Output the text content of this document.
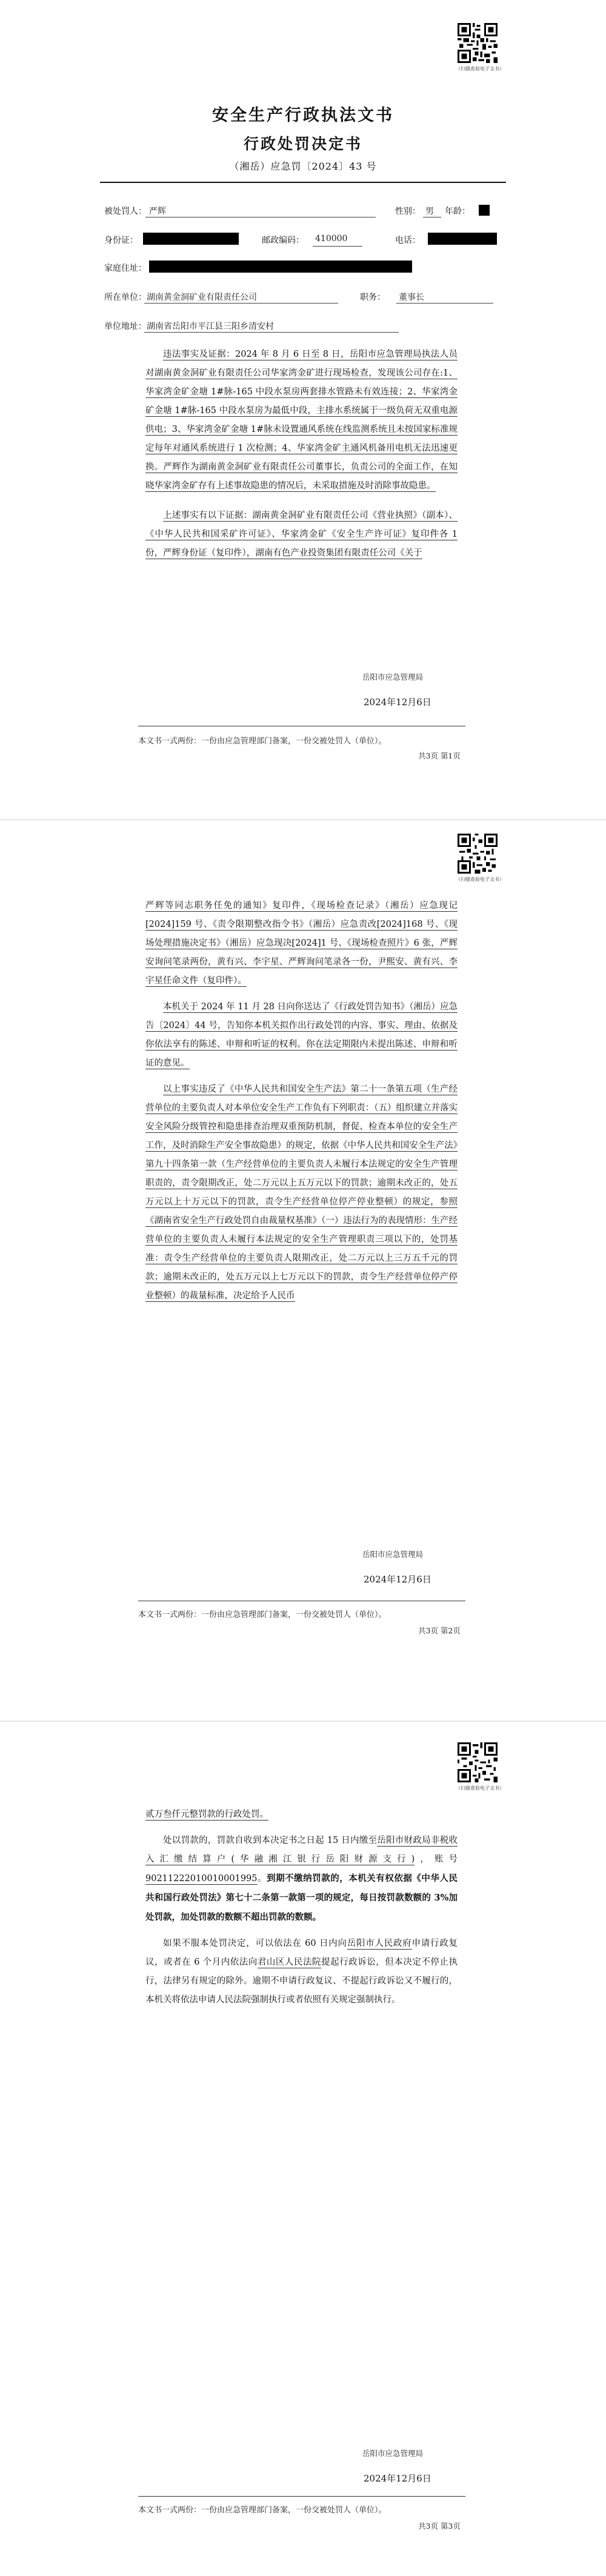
（扫描查验电子文书）
安全生产行政执法文书
行政处罚决定书
（湘岳）应急罚〔2024〕43 号
被处罚人： 严辉	性别： 男 年龄：
身份证：	邮政编码： 410000	电话：
家庭住址：
所在单位： 湖南黄金洞矿业有限责任公司	职务： 董事长
单位地址： 湖南省岳阳市平江县三阳乡清安村

违法事实及证据：2024 年 8 月 6 日至 8 日，岳阳市应急管理局执法人员对湖南黄金洞矿业有限责任公司华家湾金矿进行现场检查，发现该公司存在:1、华家湾金矿金塘 1#脉-165 中段水泵房两套排水管路未有效连接；2、华家湾金矿金塘 1#脉-165 中段水泵房为最低中段，主排水系统属于一级负荷无双重电源供电；3、华家湾金矿金塘 1#脉未设置通风系统在线监测系统且未按国家标准规定每年对通风系统进行 1 次检测；4、华家湾金矿主通风机备用电机无法迅速更换。严辉作为湖南黄金洞矿业有限责任公司董事长，负责公司的全面工作，在知晓华家湾金矿存有上述事故隐患的情况后，未采取措施及时消除事故隐患。

上述事实有以下证据：湖南黄金洞矿业有限责任公司《营业执照》（副本）、《中华人民共和国采矿许可证》、华家湾金矿《安全生产许可证》复印件各 1 份，严辉身份证（复印件），湖南有色产业投资集团有限责任公司《关于

岳阳市应急管理局
2024年12月6日
本文书一式两份：一份由应急管理部门备案，一份交被处罚人（单位）。
共3页 第1页
（扫描查验电子文书）

严辉等同志职务任免的通知》复印件，《现场检查记录》（湘岳）应急现记[2024]159 号、《责令限期整改指令书》（湘岳）应急责改[2024]168 号、《现场处理措施决定书》（湘岳）应急现决[2024]1 号、《现场检查照片》6 张，严辉安询问笔录两份，黄有兴、李宇星、严辉询问笔录各一份，尹熙安、黄有兴、李宇星任命文件（复印件）。

本机关于 2024 年 11 月 28 日向你送达了《行政处罚告知书》（湘岳）应急告〔2024〕44 号，告知你本机关拟作出行政处罚的内容、事实、理由、依据及你依法享有的陈述、申辩和听证的权利。你在法定期限内未提出陈述、申辩和听证的意见。

以上事实违反了《中华人民共和国安全生产法》第二十一条第五项（生产经营单位的主要负责人对本单位安全生产工作负有下列职责：（五）组织建立并落实安全风险分级管控和隐患排查治理双重预防机制，督促、检查本单位的安全生产工作，及时消除生产安全事故隐患）的规定，依据《中华人民共和国安全生产法》第九十四条第一款（生产经营单位的主要负责人未履行本法规定的安全生产管理职责的，责令限期改正，处二万元以上五万元以下的罚款；逾期未改正的，处五万元以上十万元以下的罚款，责令生产经营单位停产停业整顿）的规定，参照《湖南省安全生产行政处罚自由裁量权基准》（一）违法行为的表现情形：生产经营单位的主要负责人未履行本法规定的安全生产管理职责三项以下的，处罚基准：责令生产经营单位的主要负责人限期改正，处二万元以上三万五千元的罚款；逾期未改正的，处五万元以上七万元以下的罚款，责令生产经营单位停产停业整顿）的裁量标准，决定给予人民币

岳阳市应急管理局
2024年12月6日
本文书一式两份：一份由应急管理部门备案，一份交被处罚人（单位）。
共3页 第2页
（扫描查验电子文书）

贰万叁仟元整罚款的行政处罚。

处以罚款的，罚款自收到本决定书之日起 15 日内缴至岳阳市财政局非税收入汇缴结算户(华融湘江银行岳阳财源支行)，账号 90211222010010001995。到期不缴纳罚款的，本机关有权依据《中华人民共和国行政处罚法》第七十二条第一款第一项的规定，每日按罚款数额的 3%加处罚款，加处罚款的数额不超出罚款的数额。

如果不服本处罚决定，可以依法在 60 日内向岳阳市人民政府申请行政复议，或者在 6 个月内依法向君山区人民法院提起行政诉讼，但本决定不停止执行，法律另有规定的除外。逾期不申请行政复议、不提起行政诉讼又不履行的，本机关将依法申请人民法院强制执行或者依照有关规定强制执行。

岳阳市应急管理局
2024年12月6日
本文书一式两份：一份由应急管理部门备案，一份交被处罚人（单位）。
共3页 第3页
